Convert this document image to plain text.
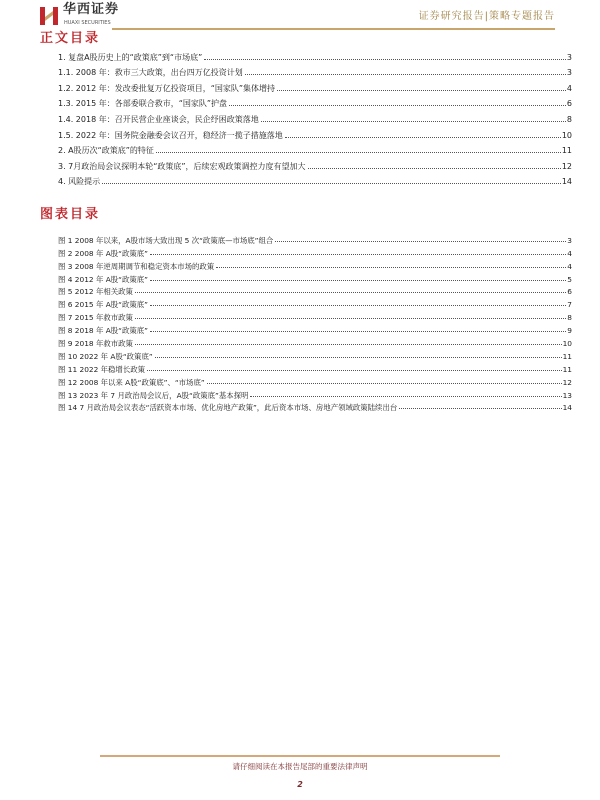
华西证券
HUAXI SECURITIES
证券研究报告|策略专题报告
正文目录
1. 复盘A股历史上的“政策底”到“市场底”	3
1.1. 2008 年：救市三大政策，出台四万亿投资计划	3
1.2. 2012 年：发改委批复万亿投资项目，“国家队”集体增持	4
1.3. 2015 年：各部委联合救市，“国家队”护盘	6
1.4. 2018 年：召开民营企业座谈会，民企纾困政策落地	8
1.5. 2022 年：国务院金融委会议召开，稳经济一揽子措施落地	10
2. A股历次“政策底”的特征	11
3. 7月政治局会议探明本轮“政策底”，后续宏观政策调控力度有望加大	12
4. 风险提示	14
图表目录
图 1 2008 年以来，A股市场大致出现 5 次“政策底—市场底”组合	3
图 2 2008 年 A股“政策底”	4
图 3 2008 年逆周期调节和稳定资本市场的政策	4
图 4 2012 年 A股“政策底”	5
图 5 2012 年相关政策	6
图 6 2015 年 A股“政策底”	7
图 7 2015 年救市政策	8
图 8 2018 年 A股“政策底”	9
图 9 2018 年救市政策	10
图 10 2022 年 A股“政策底”	11
图 11 2022 年稳增长政策	11
图 12 2008 年以来 A股“政策底”、“市场底”	12
图 13 2023 年 7 月政治局会议后，A股“政策底”基本探明	13
图 14 7 月政治局会议表态“活跃资本市场、优化房地产政策”，此后资本市场、房地产领域政策陆续出台	14
请仔细阅读在本报告尾部的重要法律声明
2
